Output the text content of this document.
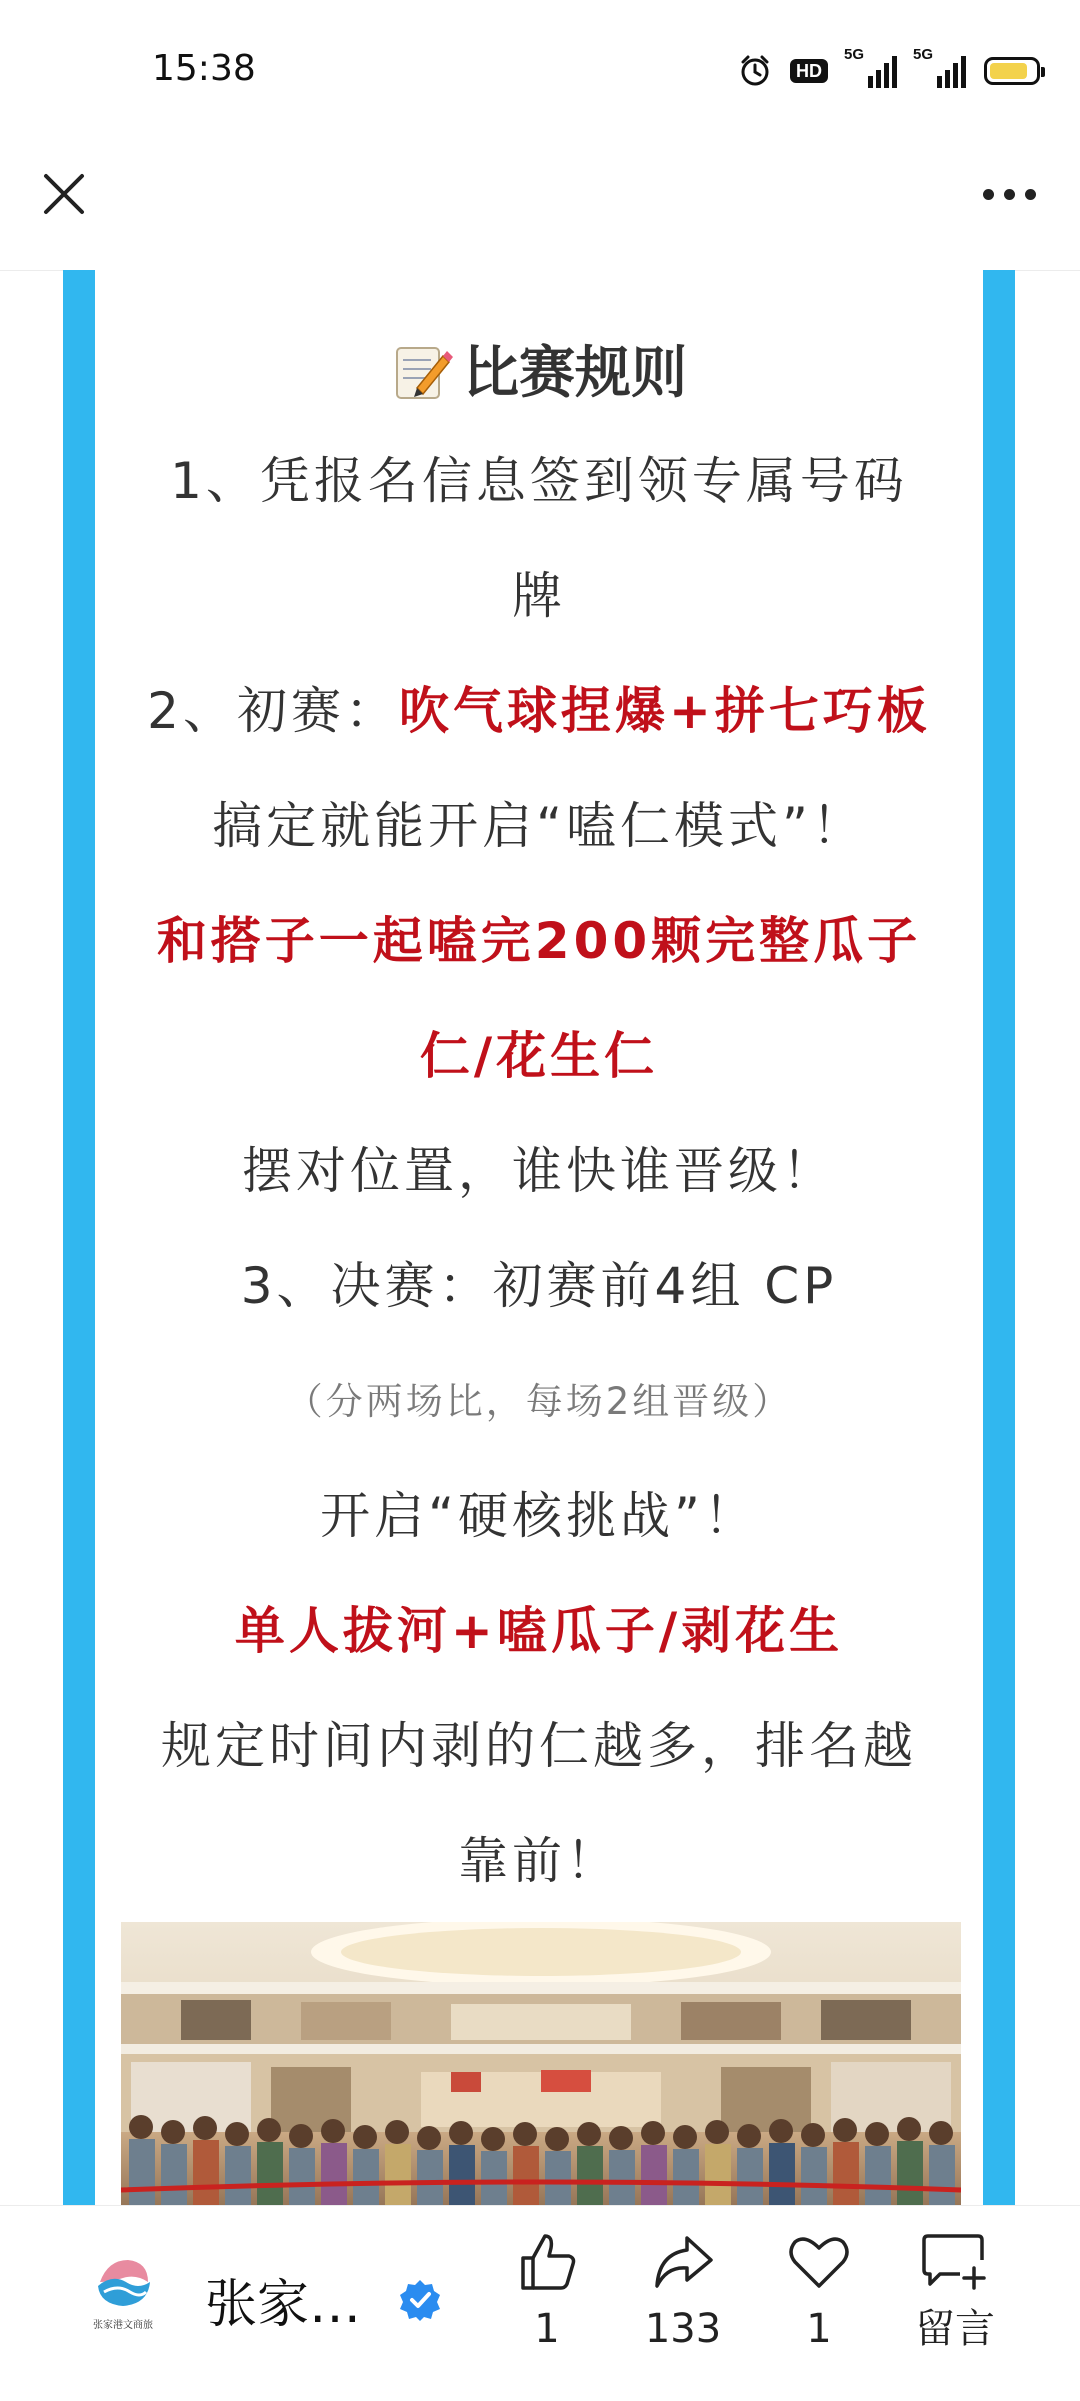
15:38	HD
5G	5G

比赛规则

1、凭报名信息签到领专属号码

牌

2、初赛：吹气球捏爆+拼七巧板

搞定就能开启“嗑仁模式”！

和搭子一起嗑完200颗完整瓜子

仁/花生仁

摆对位置，谁快谁晋级！

3、决赛：初赛前4组 CP

（分两场比，每场2组晋级）

开启“硬核挑战”！

单人拔河+嗑瓜子/剥花生

规定时间内剥的仁越多，排名越

靠前！

张家港文商旅 张家…	1	133	1	留言
